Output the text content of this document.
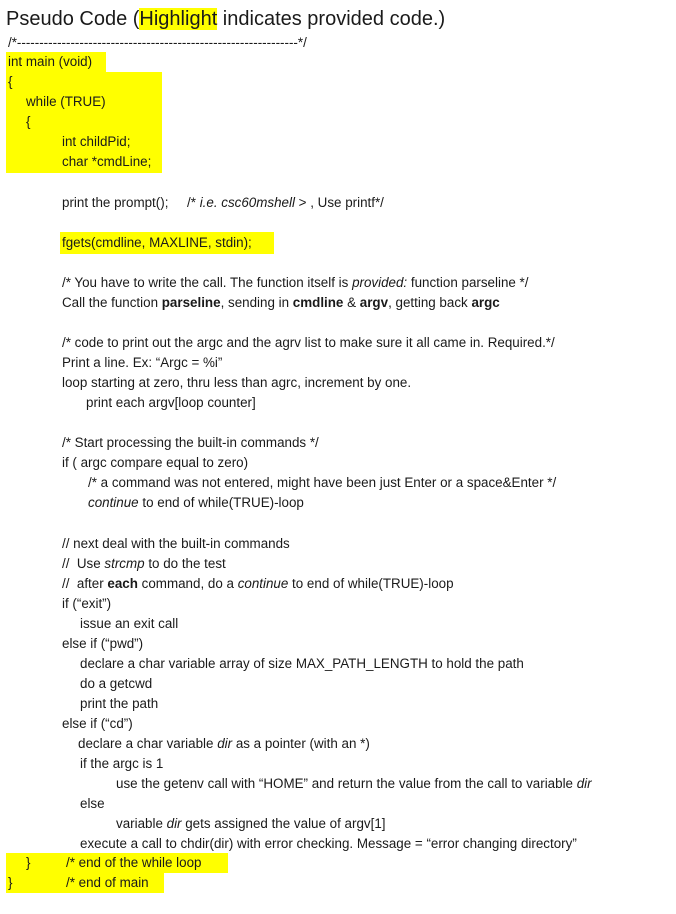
Pseudo Code (Highlight indicates provided code.)
/*---------------------------------------------------------------*/
int main (void)
{
while (TRUE)
{
int childPid;
char *cmdLine;
print the prompt();     /* i.e. csc60mshell > , Use printf*/
fgets(cmdline, MAXLINE, stdin);
/* You have to write the call. The function itself is provided: function parseline */
Call the function parseline, sending in cmdline & argv, getting back argc
/* code to print out the argc and the agrv list to make sure it all came in. Required.*/
Print a line. Ex: “Argc = %i”
loop starting at zero, thru less than agrc, increment by one.
print each argv[loop counter]
/* Start processing the built-in commands */
if ( argc compare equal to zero)
/* a command was not entered, might have been just Enter or a space&Enter */
continue to end of while(TRUE)-loop
// next deal with the built-in commands
//  Use strcmp to do the test
//  after each command, do a continue to end of while(TRUE)-loop
if (“exit”)
issue an exit call
else if (“pwd”)
declare a char variable array of size MAX_PATH_LENGTH to hold the path
do a getcwd
print the path
else if (“cd”)
declare a char variable dir as a pointer (with an *)
if the argc is 1
use the getenv call with “HOME” and return the value from the call to variable dir
else
variable dir gets assigned the value of argv[1]
execute a call to chdir(dir) with error checking. Message = “error changing directory”
}	/* end of the while loop
}	/* end of main
